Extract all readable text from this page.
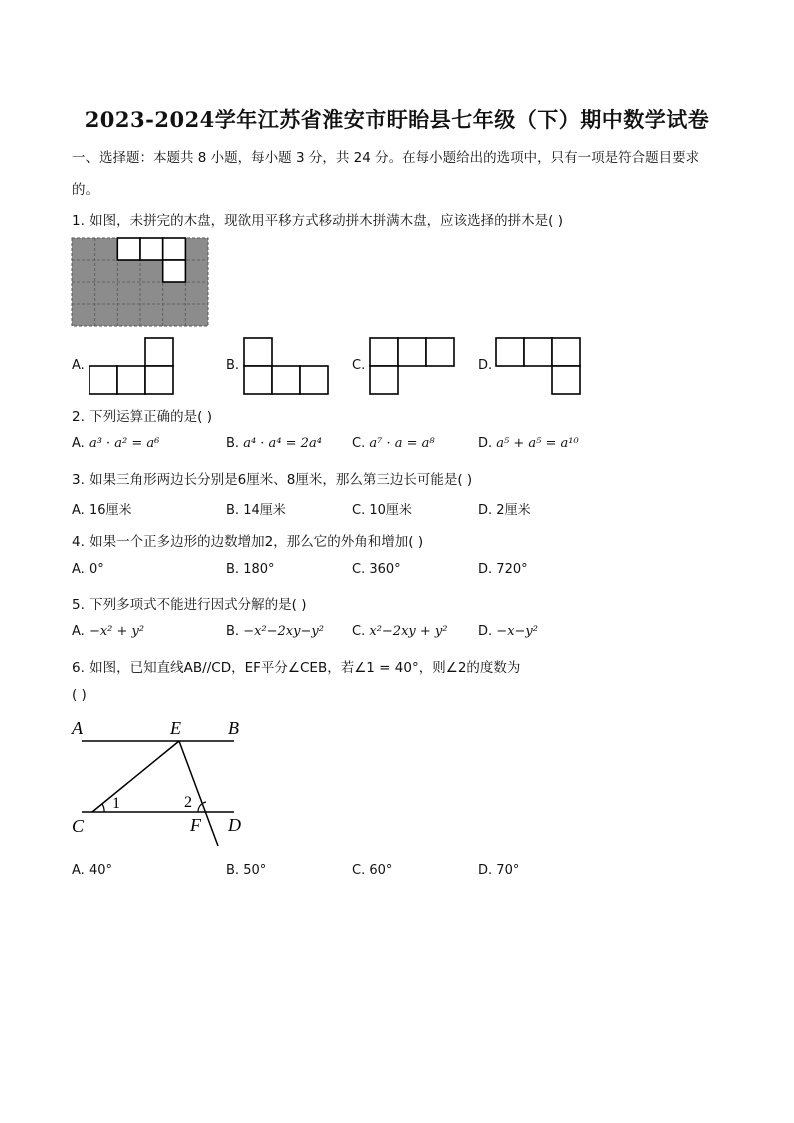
2023-2024学年江苏省淮安市盱眙县七年级（下）期中数学试卷
一、选择题：本题共 8 小题，每小题 3 分，共 24 分。在每小题给出的选项中，只有一项是符合题目要求
的。
1. 如图，未拼完的木盘，现欲用平移方式移动拼木拼满木盘，应该选择的拼木是( )
A.	B.	C.	D.
2. 下列运算正确的是( )
A. a³ · a² = a⁶	B. a⁴ · a⁴ = 2a⁴ C. a⁷ · a = a⁸	D. a⁵ + a⁵ = a¹⁰
3. 如果三角形两边长分别是6厘米、8厘米，那么第三边长可能是( )
A. 16厘米	B. 14厘米	C. 10厘米	D. 2厘米
4. 如果一个正多边形的边数增加2，那么它的外角和增加( )
A. 0°	B. 180°	C. 360°	D. 720°
5. 下列多项式不能进行因式分解的是( )
A. −x² + y²	B. −x²−2xy−y² C. x²−2xy + y² D. −x−y²
6. 如图，已知直线AB//CD，EF平分∠CEB，若∠1 = 40°，则∠2的度数为
( )
A	E	B
C	F D
1	2
A. 40°	B. 50°	C. 60°	D. 70°
